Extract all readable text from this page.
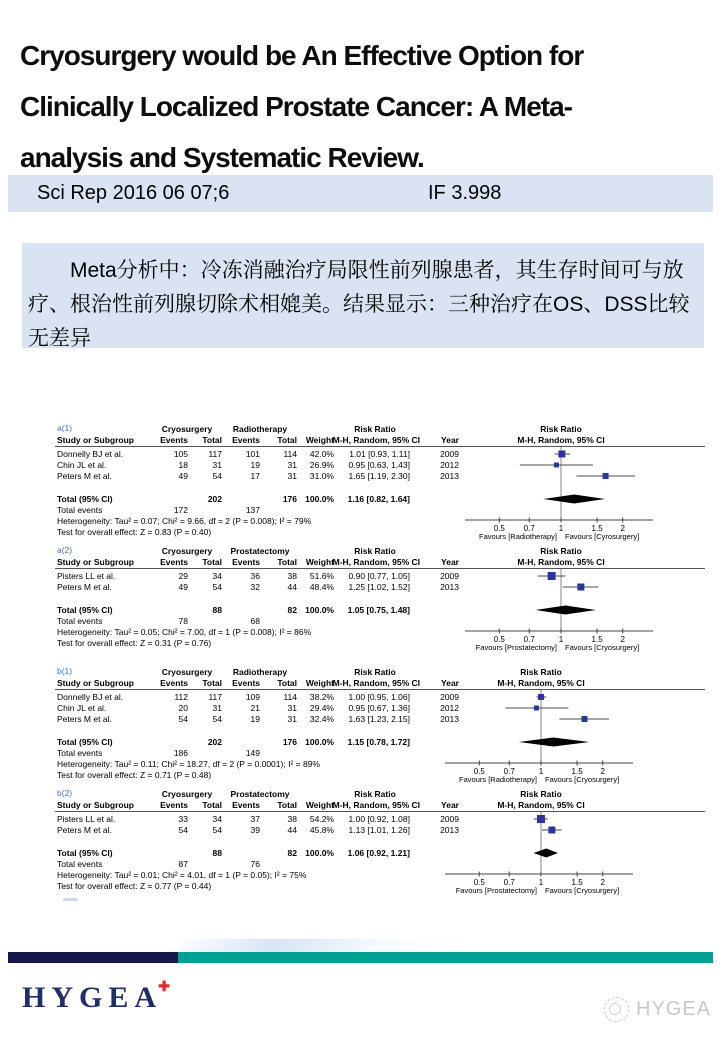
Cryosurgery would be An Effective Option for
Clinically Localized Prostate Cancer: A Meta-
analysis and Systematic Review.
Sci Rep 2016 06 07;6	IF 3.998

Meta分析中：冷冻消融治疗局限性前列腺患者，其生存时间可与放疗、根治性前列腺切除术相媲美。结果显示：三种治疗在OS、DSS比较无差异

0.5 0.7	1	1.5 2
a(1)	Cryosurgery Radiotherapy	Risk Ratio	Risk Ratio
M-H, Random, 95% CI
Study or Subgroup	Events Total Events Total Weight
M-H, Random, 95% CI Year
Donnelly BJ et al.	105 117	101	114 42.0% 1.01 [0.93, 1.11]	2009
Chin JL et al.	18	31	19	31 26.9% 0.95 [0.63, 1.43]	2012
Peters M et al.	49	54	17	31 31.0% 1.65 [1.19, 2.30]	2013
Total (95% CI)	202	176 100.0% 1.16 [0.82, 1.64]
Total events	172	137
Heterogeneity: Tau² = 0.07; Chi² = 9.66, df = 2 (P = 0.008); I² = 79%
Test for overall effect: Z = 0.83 (P = 0.40)	Favours [Radiotherapy] Favours [Cyrosurgery]
0.5 0.7	1	1.5 2
a(2)	Cryosurgery Prostatectomy	Risk Ratio	Risk Ratio
M-H, Random, 95% CI
Study or Subgroup	Events Total Events Total Weight
M-H, Random, 95% CI Year
Pisters LL et al.	29	34	36	38 51.6% 0.90 [0.77, 1.05]	2009
Peters M et al.	49	54	32	44 48.4% 1.25 [1.02, 1.52]	2013
Total (95% CI)	88	82 100.0% 1.05 [0.75, 1.48]
Total events	78	68
Heterogeneity: Tau² = 0.05; Chi² = 7.00, df = 1 (P = 0.008); I² = 86%
Test for overall effect: Z = 0.31 (P = 0.76)	Favours [Prostatectomy] Favours [Cryosurgery]
0.5 0.7	1	1.5 2
b(1)	Cryosurgery Radiotherapy	Risk Ratio	Risk Ratio
M-H, Random, 95% CI
Study or Subgroup	Events Total Events Total Weight
M-H, Random, 95% CI Year
Donnelly BJ et al.	112 117	109	114 38.2% 1.00 [0.95, 1.06]	2009
Chin JL et al.	20	31	21	31 29.4% 0.95 [0.67, 1.36]	2012
Peters M et al.	54	54	19	31 32.4% 1.63 [1.23, 2.15]	2013
Total (95% CI)	202	176 100.0% 1.15 [0.78, 1.72]
Total events	186	149
Heterogeneity: Tau² = 0.11; Chi² = 18.27, df = 2 (P = 0.0001); I² = 89%
Test for overall effect: Z = 0.71 (P = 0.48)	Favours [Radiotherapy] Favours [Cryosurgery]
0.5 0.7	1	1.5 2
b(2)	Cryosurgery Prostatectomy	Risk Ratio	Risk Ratio
M-H, Random, 95% CI
Study or Subgroup	Events Total Events Total Weight
M-H, Random, 95% CI Year
Pisters LL et al.	33	34	37	38 54.2% 1.00 [0.92, 1.08]	2009
Peters M et al.	54	54	39	44 45.8% 1.13 [1.01, 1.26]	2013
Total (95% CI)	88	82 100.0% 1.06 [0.92, 1.21]
Total events	87	76
Heterogeneity: Tau² = 0.01; Chi² = 4.01, df = 1 (P = 0.05); I² = 75%
Test for overall effect: Z = 0.77 (P = 0.44)	Favours [Prostatectomy] Favours [Cryosurgery]
HYGEA
✚
HYGEA
